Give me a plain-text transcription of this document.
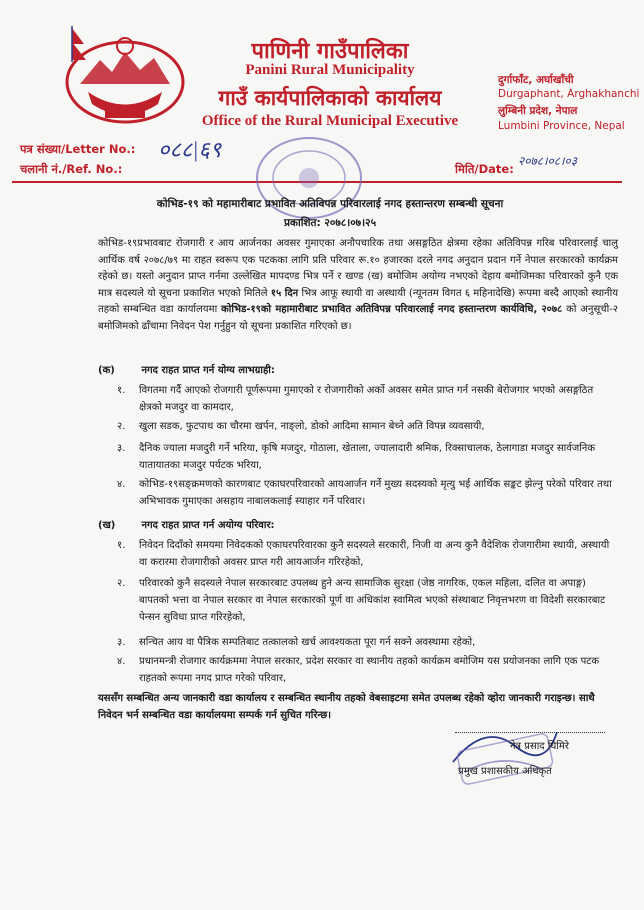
पाणिनी गाउँपालिका
Panini Rural Municipality
गाउँ कार्यपालिकाको कार्यालय
Office of the Rural Municipal Executive
दुर्गाफाँट, अर्घाखाँची
Durgaphant, Arghakhanchi
लुम्बिनी प्रदेश, नेपाल
Lumbini Province, Nepal
पत्र संख्या/Letter No.: ०८८|६९
चलानी नं./Ref. No.:	मिति/Date:
२०७८।०८।०३
कोभिड-१९ को महामारीबाट प्रभावित अतिविपन्न परिवारलाई नगद हस्तान्तरण सम्बन्धी सूचना
प्रकाशित: २०७८।०७।२५
कोभिड-१९प्रभावबाट रोजगारी र आय आर्जनका अवसर गुमाएका अनौपचारिक तथा असङ्गठित क्षेत्रमा रहेका अतिविपन्न गरिब परिवारलाई चालु आर्थिक वर्ष २०७८/७९ मा राहत स्वरूप एक पटकका लागि प्रति परिवार रू.१० हजारका दरले नगद अनुदान प्रदान गर्ने नेपाल सरकारको कार्यक्रम रहेको छ। यस्तो अनुदान प्राप्त गर्नमा उल्लेखित मापदण्ड भित्र पर्ने र खण्ड (ख) बमोजिम अयोग्य नभएको देहाय बमोजिमका परिवारको कुनै एक मात्र सदस्यले यो सूचना प्रकाशित भएको मितिले १५ दिन भित्र आफू स्थायी वा अस्थायी (न्यूनतम विगत ६ महिनादेखि) रूपमा बस्दै आएको स्थानीय तहको सम्बन्धित वडा कार्यालयमा कोभिड-१९को महामारीबाट प्रभावित अतिविपन्न परिवारलाई नगद हस्तान्तरण कार्यविधि, २०७८ को अनुसूची-२ बमोजिमको ढाँचामा निवेदन पेश गर्नुहुन यो सूचना प्रकाशित गरिएको छ।
(क)	नगद राहत प्राप्त गर्न योग्य लाभग्राही:
१. विगतमा गर्दै आएको रोजगारी पूर्णरूपमा गुमाएको र रोजगारीको अर्को अवसर समेत प्राप्त गर्न नसकी बेरोजगार भएको असङ्गठित क्षेत्रको मजदुर वा कामदार,
२. खुला सडक, फुटपाथ का चौरमा खर्पन, नाङ्लो, डोको आदिमा सामान बेच्ने अति विपन्न व्यवसायी,
३. दैनिक ज्याला मजदुरी गर्ने भरिया, कृषि मजदुर, गोठाला, खेताला, ज्यालादारी श्रमिक, रिक्साचालक, ठेलागाडा मजदुर सार्वजनिक यातायातका मजदुर पर्यटक भरिया,
४. कोभिड-१९सङ्क्रमणको कारणबाट एकाघरपरिवारको आयआर्जन गर्ने मुख्य सदस्यको मृत्यु भई आर्थिक सङ्कट झेल्नु परेको परिवार तथा अभिभावक गुमाएका असहाय नाबालकलाई स्याहार गर्ने परिवार।
(ख)	नगद राहत प्राप्त गर्न अयोग्य परिवार:
१. निवेदन दिदाँको समयमा निवेदकको एकाघरपरिवारका कुनै सदस्यले सरकारी, निजी वा अन्य कुनै वैदेशिक रोजगारीमा स्थायी, अस्थायी वा करारमा रोजगारीको अवसर प्राप्त गरी आयआर्जन गरिरहेको,
२. परिवारको कुनै सदस्यले नेपाल सरकारबाट उपलब्ध हुने अन्य सामाजिक सुरक्षा (जेष्ठ नागरिक, एकल महिला, दलित वा अपाङ्ग) बापतको भत्ता वा नेपाल सरकार वा नेपाल सरकारको पूर्ण वा अधिकांश स्वामित्व भएको संस्थाबाट निवृत्तभरण वा विदेशी सरकारबाट पेन्सन सुविधा प्राप्त गरिरहेको,
३. सन्चित आय वा पैत्रिक सम्पतिबाट तत्कालको खर्च आवश्यकता पूरा गर्न सक्ने अवस्थामा रहेको,
४. प्रधानमन्त्री रोजगार कार्यक्रममा नेपाल सरकार, प्रदेश सरकार वा स्थानीय तहको कार्यक्रम बमोजिम यस प्रयोजनका लागि एक पटक राहतको रूपमा नगद प्राप्त गरेको परिवार,
यससँग सम्बन्धित अन्य जानकारी वडा कार्यालय र सम्बन्धित स्थानीय तहको वेबसाइटमा समेत उपलब्ध रहेको व्होरा जानकारी गराइन्छ। साथै निवेदन भर्न सम्बन्धित वडा कार्यालयमा सम्पर्क गर्न सुचित गरिन्छ।
नेत्र प्रसाद घिमिरे
प्रमुख प्रशासकीय अधिकृत
